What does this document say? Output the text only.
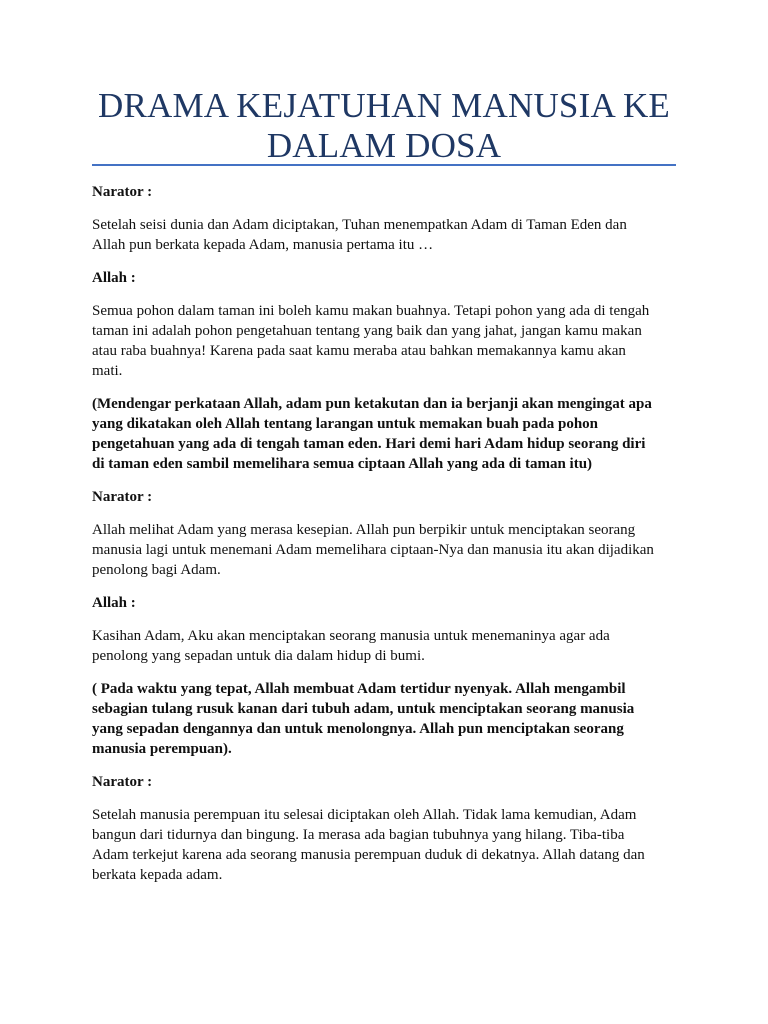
DRAMA KEJATUHAN MANUSIA KE
DALAM DOSA

Narator :

Setelah seisi dunia dan Adam diciptakan, Tuhan menempatkan Adam di Taman Eden dan
Allah pun berkata kepada Adam, manusia pertama itu …

Allah :

Semua pohon dalam taman ini boleh kamu makan buahnya. Tetapi pohon yang ada di tengah
taman ini adalah pohon pengetahuan tentang yang baik dan yang jahat, jangan kamu makan
atau raba buahnya! Karena pada saat kamu meraba atau bahkan memakannya kamu akan
mati.

(Mendengar perkataan Allah, adam pun ketakutan dan ia berjanji akan mengingat apa
yang dikatakan oleh Allah tentang larangan untuk memakan buah pada pohon
pengetahuan yang ada di tengah taman eden. Hari demi hari Adam hidup seorang diri
di taman eden sambil memelihara semua ciptaan Allah yang ada di taman itu)

Narator :

Allah melihat Adam yang merasa kesepian. Allah pun berpikir untuk menciptakan seorang
manusia lagi untuk menemani Adam memelihara ciptaan-Nya dan manusia itu akan dijadikan
penolong bagi Adam.

Allah :

Kasihan Adam, Aku akan menciptakan seorang manusia untuk menemaninya agar ada
penolong yang sepadan untuk dia dalam hidup di bumi.

( Pada waktu yang tepat, Allah membuat Adam tertidur nyenyak. Allah mengambil
sebagian tulang rusuk kanan dari tubuh adam, untuk menciptakan seorang manusia
yang sepadan dengannya dan untuk menolongnya. Allah pun menciptakan seorang
manusia perempuan).

Narator :

Setelah manusia perempuan itu selesai diciptakan oleh Allah. Tidak lama kemudian, Adam
bangun dari tidurnya dan bingung. Ia merasa ada bagian tubuhnya yang hilang. Tiba-tiba
Adam terkejut karena ada seorang manusia perempuan duduk di dekatnya. Allah datang dan
berkata kepada adam.
